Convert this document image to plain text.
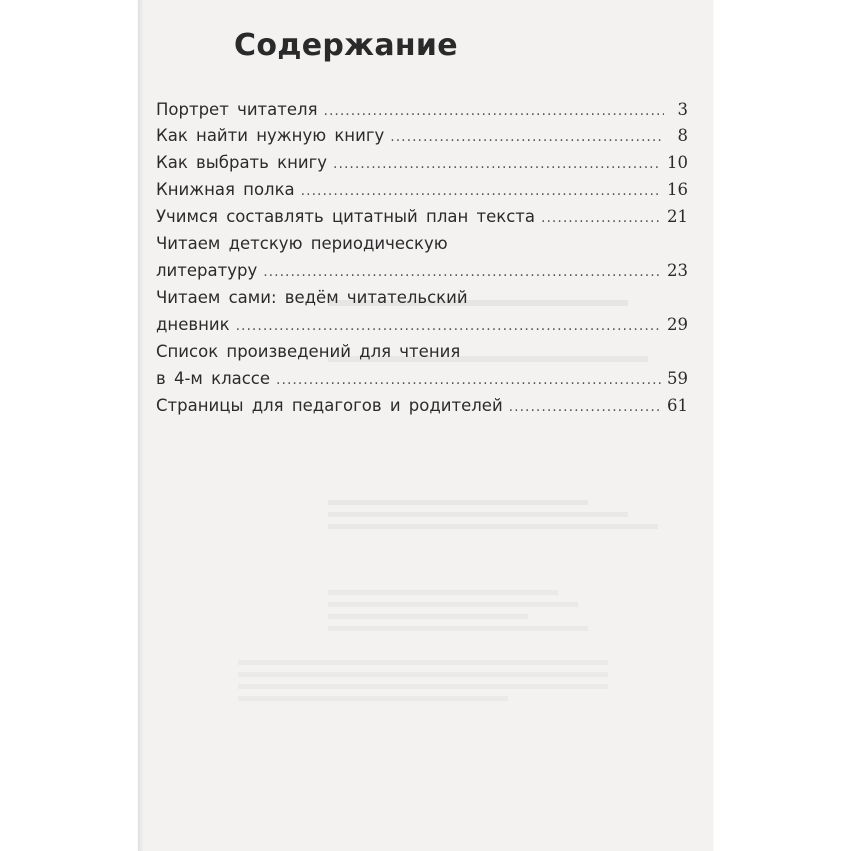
Содержание
Портрет читателя .....	3
Как найти нужную книгу .....	8
Как выбрать книгу .....	10
Книжная полка .....	16
Учимся составлять цитатный план текста .....	21
Читаем детскую периодическую
литературу .....	23
Читаем сами: ведём читательский
дневник .....	29
Список произведений для чтения
в 4-м классе .....	59
Страницы для педагогов и родителей .....	61
